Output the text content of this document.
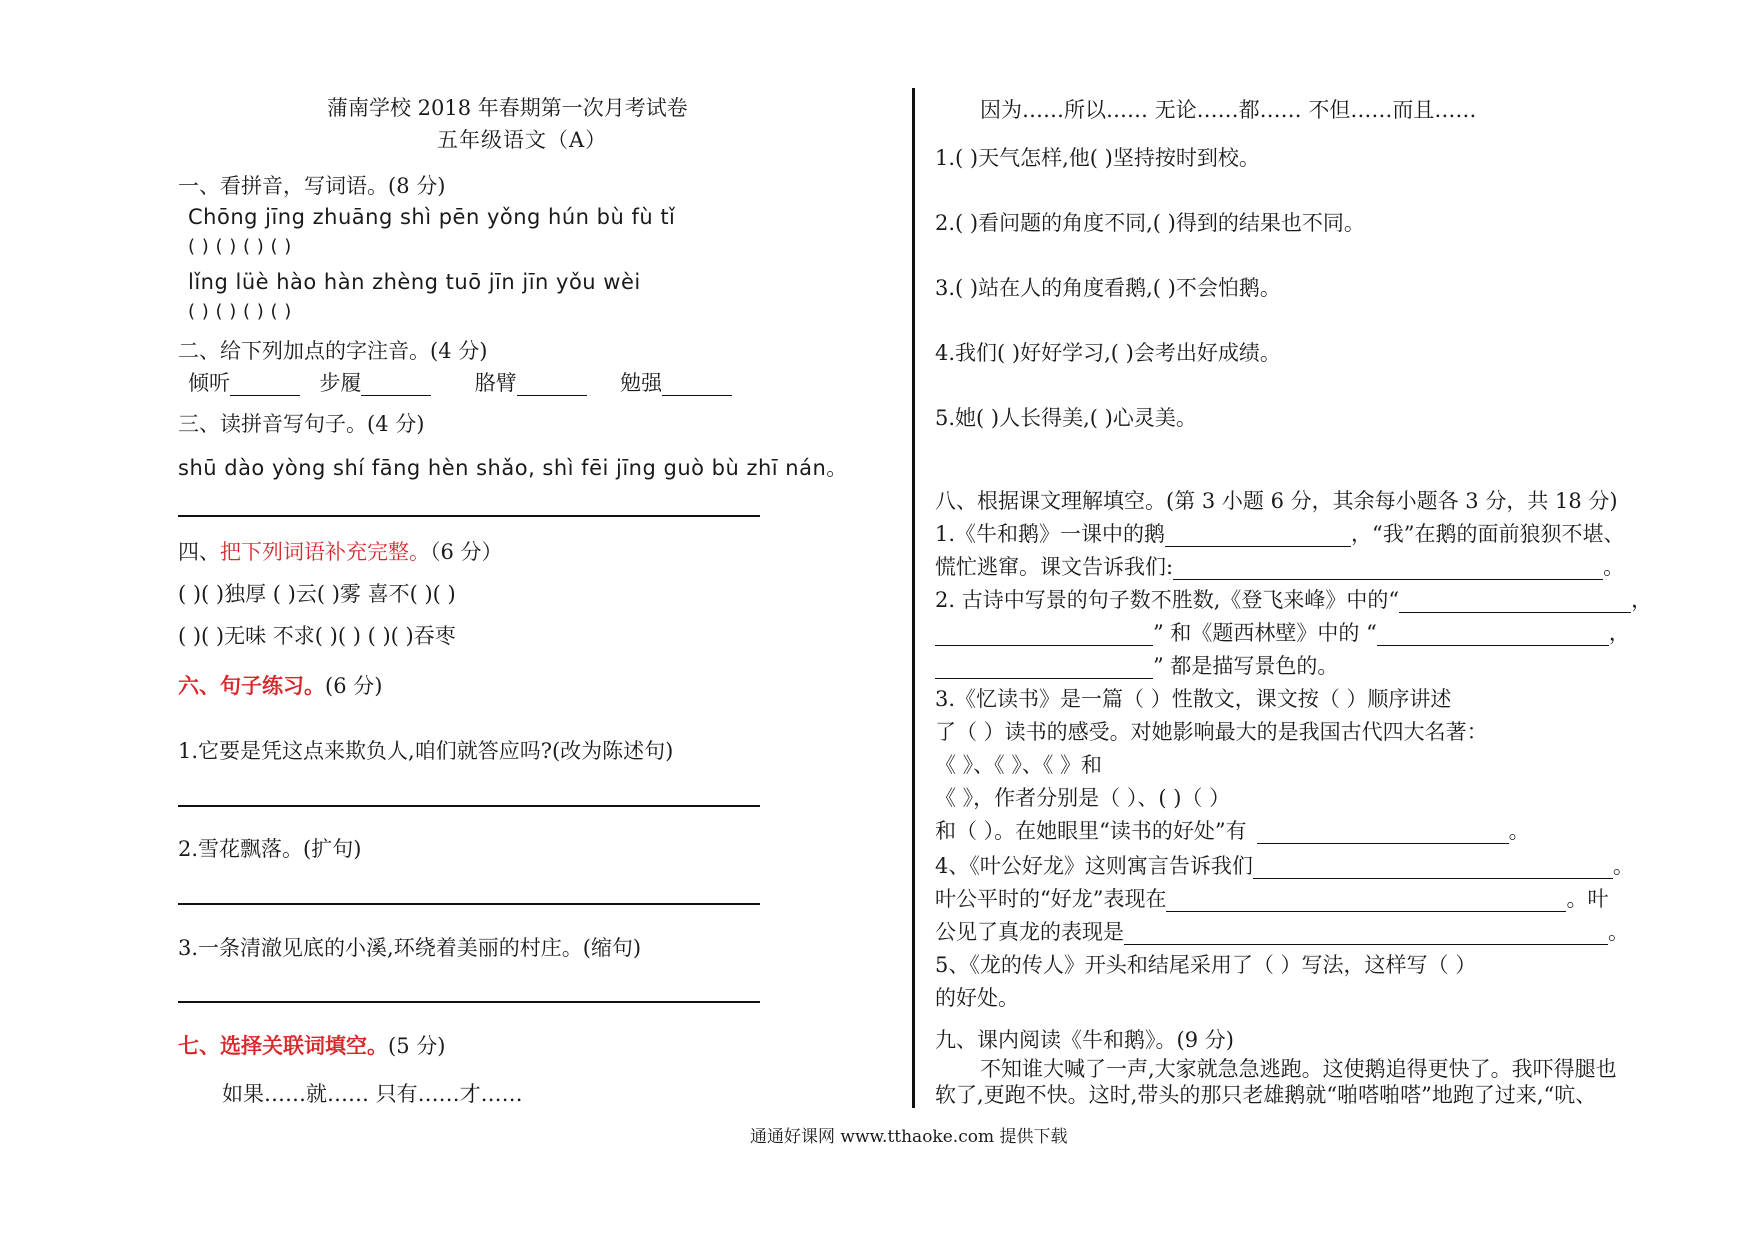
蒲南学校 2018 年春期第一次月考试卷
五年级语文（A）
一、看拼音，写词语。(8 分)
Chōng jīng zhuāng shì pēn yǒng hún bù fù tǐ
( ) ( ) ( ) ( )
lǐng lüè hào hàn zhèng tuō jīn jīn yǒu wèi
( ) ( ) ( ) ( )
二、给下列加点的字注音。(4 分)
倾听	步履	胳臂	勉强
三、读拼音写句子。(4 分)
shū dào yòng shí fāng hèn shǎo, shì fēi jīng guò bù zhī nán。
四、把下列词语补充完整。（6 分）
( )( )独厚 ( )云( )雾 喜不( )( )
( )( )无味 不求( )( ) ( )( )吞枣
六、句子练习。(6 分)
1.它要是凭这点来欺负人,咱们就答应吗?(改为陈述句)
2.雪花飘落。(扩句)
3.一条清澈见底的小溪,环绕着美丽的村庄。(缩句)
七、选择关联词填空。(5 分)
如果……就…… 只有……才……
因为……所以…… 无论……都…… 不但……而且……
1.( )天气怎样,他( )坚持按时到校。
2.( )看问题的角度不同,( )得到的结果也不同。
3.( )站在人的角度看鹅,( )不会怕鹅。
4.我们( )好好学习,( )会考出好成绩。
5.她( )人长得美,( )心灵美。
八、根据课文理解填空。(第 3 小题 6 分，其余每小题各 3 分，共 18 分)
1.《牛和鹅》一课中的鹅	，“我”在鹅的面前狼狈不堪、
慌忙逃窜。课文告诉我们:	。
2. 古诗中写景的句子数不胜数,《登飞来峰》中的“	，
” 和《题西林壁》中的 “	，
” 都是描写景色的。
3.《忆读书》是一篇（ ）性散文，课文按（ ）顺序讲述
了（ ）读书的感受。对她影响最大的是我国古代四大名著：
《 》、《 》、《 》和
《 》，作者分别是（ ）、( )（ ）
和（ ）。在她眼里“读书的好处”有	。
4、《叶公好龙》这则寓言告诉我们	。
叶公平时的“好龙”表现在	。叶
公见了真龙的表现是	。
5、《龙的传人》开头和结尾采用了（ ）写法，这样写（ ）
的好处。
九、课内阅读《牛和鹅》。(9 分)
不知谁大喊了一声,大家就急急逃跑。这使鹅追得更快了。我吓得腿也
软了,更跑不快。这时,带头的那只老雄鹅就“啪嗒啪嗒”地跑了过来,“吭、
通通好课网 www.tthaoke.com 提供下载
